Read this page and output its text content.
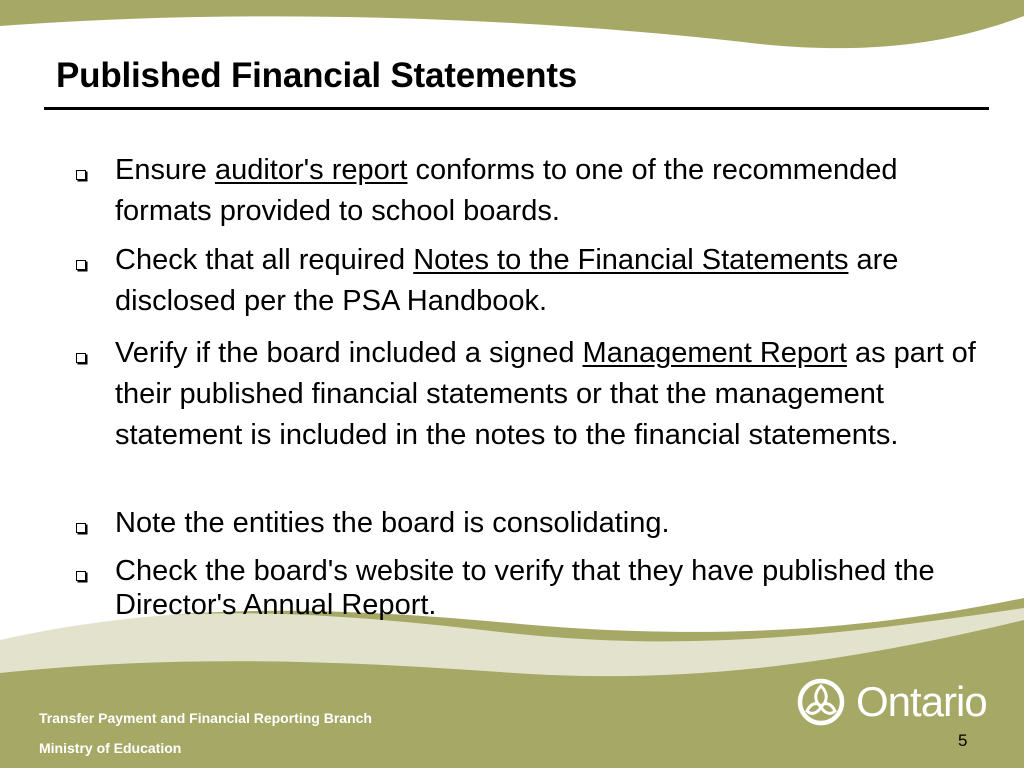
Published Financial Statements
Ensure auditor's report conforms to one of the recommended formats provided to school boards.
Check that all required Notes to the Financial Statements are disclosed per the PSA Handbook.
Verify if the board included a signed Management Report as part of their published financial statements or that the management statement is included in the notes to the financial statements.
Note the entities the board is consolidating.
Check the board's website to verify that they have published the Director's Annual Report.
Ontario
Transfer Payment and Financial Reporting Branch
Ministry of Education	5
